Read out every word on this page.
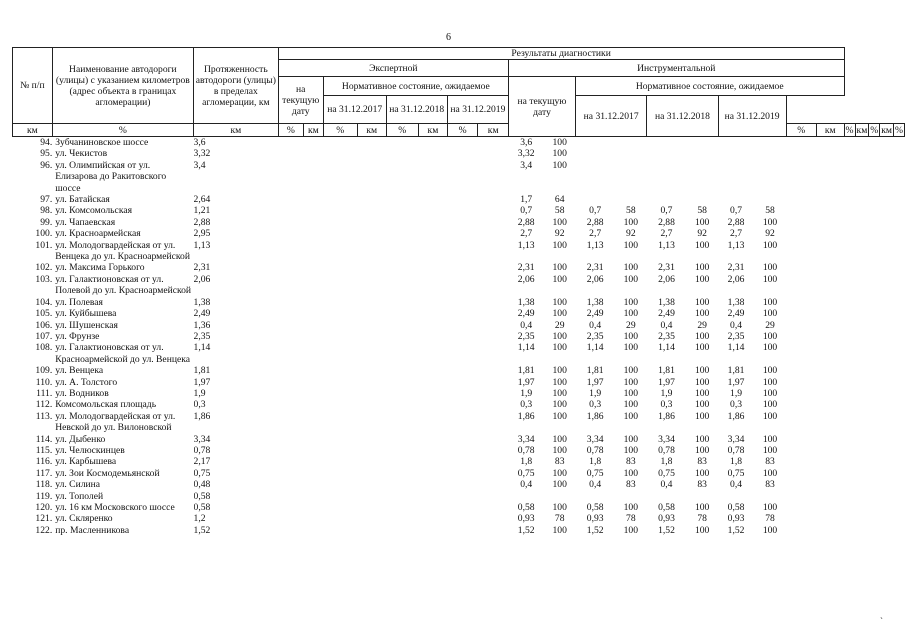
6
№ п/п	Наименование автодороги (улицы) с указанием километров (адрес объекта в границах агломерации)	Протяженность автодороги (улицы) в пределах агломерации, км	Результаты диагностики																						
			Экспертной								Инструментальной														
			на текущую дату		Нормативное состояние, ожидаемое						на текущую дату		Нормативное состояние, ожидаемое												
					на 31.12.2017		на 31.12.2018		на 31.12.2019				на 31.12.2017		на 31.12.2018		на 31.12.2019								
км	%	км	%	км	%	км	%	км	%	км									%	км	%	км	%	км	%
94.	Зубчаниновское шоссе	3,6									3,6	100													
95.	ул. Чекистов	3,32									3,32	100													
96.	ул. Олимпийская от ул. Елизарова до Ракитовского шоссе	3,4									3,4	100													
97.	ул. Батайская	2,64									1,7	64													
98.	ул. Комсомольская	1,21									0,7	58	0,7	58	0,7	58	0,7	58							
99.	ул. Чапаевская	2,88									2,88	100	2,88	100	2,88	100	2,88	100							
100.	ул. Красноармейская	2,95									2,7	92	2,7	92	2,7	92	2,7	92							
101.	ул. Молодогвардейская от ул. Венцека до ул. Красноармейской	1,13									1,13	100	1,13	100	1,13	100	1,13	100							
102.	ул. Максима Горького	2,31									2,31	100	2,31	100	2,31	100	2,31	100							
103.	ул. Галактионовская от ул. Полевой до ул. Красноармейской	2,06									2,06	100	2,06	100	2,06	100	2,06	100							
104.	ул. Полевая	1,38									1,38	100	1,38	100	1,38	100	1,38	100							
105.	ул. Куйбышева	2,49									2,49	100	2,49	100	2,49	100	2,49	100							
106.	ул. Шушенская	1,36									0,4	29	0,4	29	0,4	29	0,4	29							
107.	ул. Фрунзе	2,35									2,35	100	2,35	100	2,35	100	2,35	100							
108.	ул. Галактионовская от ул. Красноармейской до ул. Венцека	1,14									1,14	100	1,14	100	1,14	100	1,14	100							
109.	ул. Венцека	1,81									1,81	100	1,81	100	1,81	100	1,81	100							
110.	ул. А. Толстого	1,97									1,97	100	1,97	100	1,97	100	1,97	100							
111.	ул. Водников	1,9									1,9	100	1,9	100	1,9	100	1,9	100							
112.	Комсомольская площадь	0,3									0,3	100	0,3	100	0,3	100	0,3	100							
113.	ул. Молодогвардейская от ул. Невской до ул. Вилоновской	1,86									1,86	100	1,86	100	1,86	100	1,86	100							
114.	ул. Дыбенко	3,34									3,34	100	3,34	100	3,34	100	3,34	100							
115.	ул. Челюскинцев	0,78									0,78	100	0,78	100	0,78	100	0,78	100							
116.	ул. Карбышева	2,17									1,8	83	1,8	83	1,8	83	1,8	83							
117.	ул. Зои Космодемьянской	0,75									0,75	100	0,75	100	0,75	100	0,75	100							
118.	ул. Силина	0,48									0,4	100	0,4	83	0,4	83	0,4	83							
119.	ул. Тополей	0,58																							
120.	ул. 16 км Московского шоссе	0,58									0,58	100	0,58	100	0,58	100	0,58	100							
121.	ул. Скляренко	1,2									0,93	78	0,93	78	0,93	78	0,93	78							
122.	пр. Масленникова	1,52									1,52	100	1,52	100	1,52	100	1,52	100							
ˎ
